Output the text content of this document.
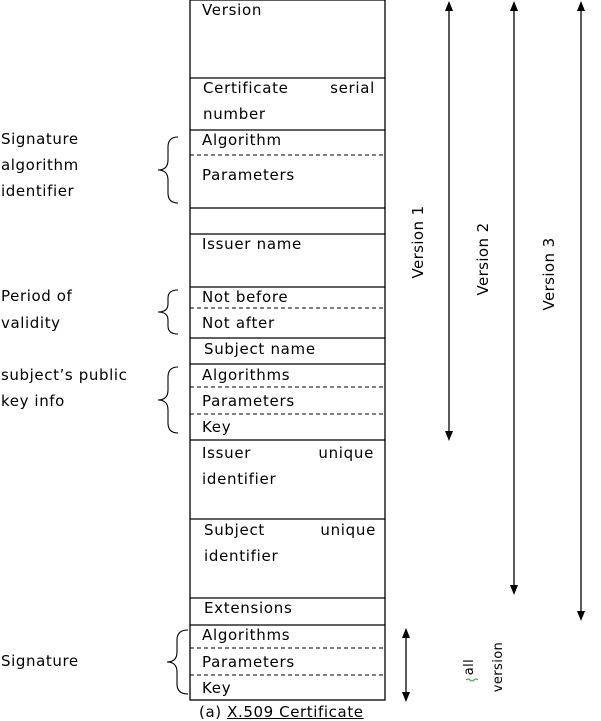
Version
Certificate	serial
number
Algorithm
Parameters
Issuer name
Not before
Not after
Subject name
Algorithms
Parameters
Key
Issuer	unique
identifier
Subject	unique
identifier
Extensions
Algorithms
Parameters
Key
Signature
algorithm
identifier
Period of
validity
subject’s public
key info
Signature
Version 1	Version 2	Version 3
all version
(a) X.509 Certificate
